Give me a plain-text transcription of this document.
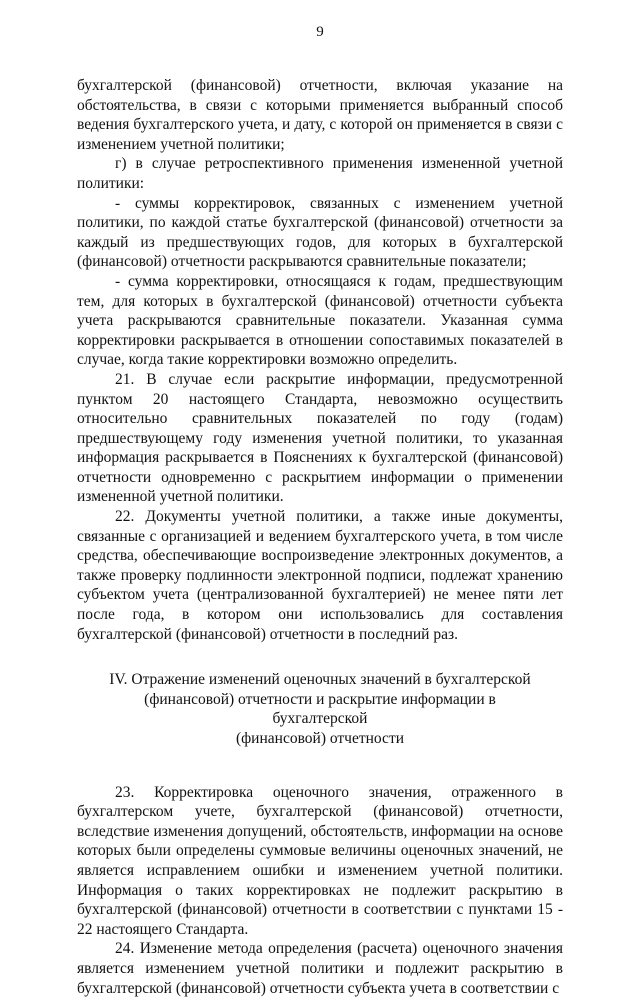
9

бухгалтерской (финансовой) отчетности, включая указание на обстоятельства, в связи с которыми применяется выбранный способ ведения бухгалтерского учета, и дату, с которой он применяется в связи с изменением учетной политики;

г) в случае ретроспективного применения измененной учетной политики:

- суммы корректировок, связанных с изменением учетной политики, по каждой статье бухгалтерской (финансовой) отчетности за каждый из предшествующих годов, для которых в бухгалтерской (финансовой) отчетности раскрываются сравнительные показатели;

- сумма корректировки, относящаяся к годам, предшествующим тем, для которых в бухгалтерской (финансовой) отчетности субъекта учета раскрываются сравнительные показатели. Указанная сумма корректировки раскрывается в отношении сопоставимых показателей в случае, когда такие корректировки возможно определить.

21. В случае если раскрытие информации, предусмотренной пунктом 20 настоящего Стандарта, невозможно осуществить относительно сравнительных показателей по году (годам) предшествующему году изменения учетной политики, то указанная информация раскрывается в Пояснениях к бухгалтерской (финансовой) отчетности одновременно с раскрытием информации о применении измененной учетной политики.

22. Документы учетной политики, а также иные документы, связанные с организацией и ведением бухгалтерского учета, в том числе средства, обеспечивающие воспроизведение электронных документов, а также проверку подлинности электронной подписи, подлежат хранению субъектом учета (централизованной бухгалтерией) не менее пяти лет после года, в котором они использовались для составления бухгалтерской (финансовой) отчетности в последний раз.

IV. Отражение изменений оценочных значений в бухгалтерской
(финансовой) отчетности и раскрытие информации в бухгалтерской
(финансовой) отчетности

23. Корректировка оценочного значения, отраженного в бухгалтерском учете, бухгалтерской (финансовой) отчетности, вследствие изменения допущений, обстоятельств, информации на основе которых были определены суммовые величины оценочных значений, не является исправлением ошибки и изменением учетной политики. Информация о таких корректировках не подлежит раскрытию в бухгалтерской (финансовой) отчетности в соответствии с пунктами 15 - 22 настоящего Стандарта.

24. Изменение метода определения (расчета) оценочного значения является изменением учетной политики и подлежит раскрытию в бухгалтерской (финансовой) отчетности субъекта учета в соответствии с
